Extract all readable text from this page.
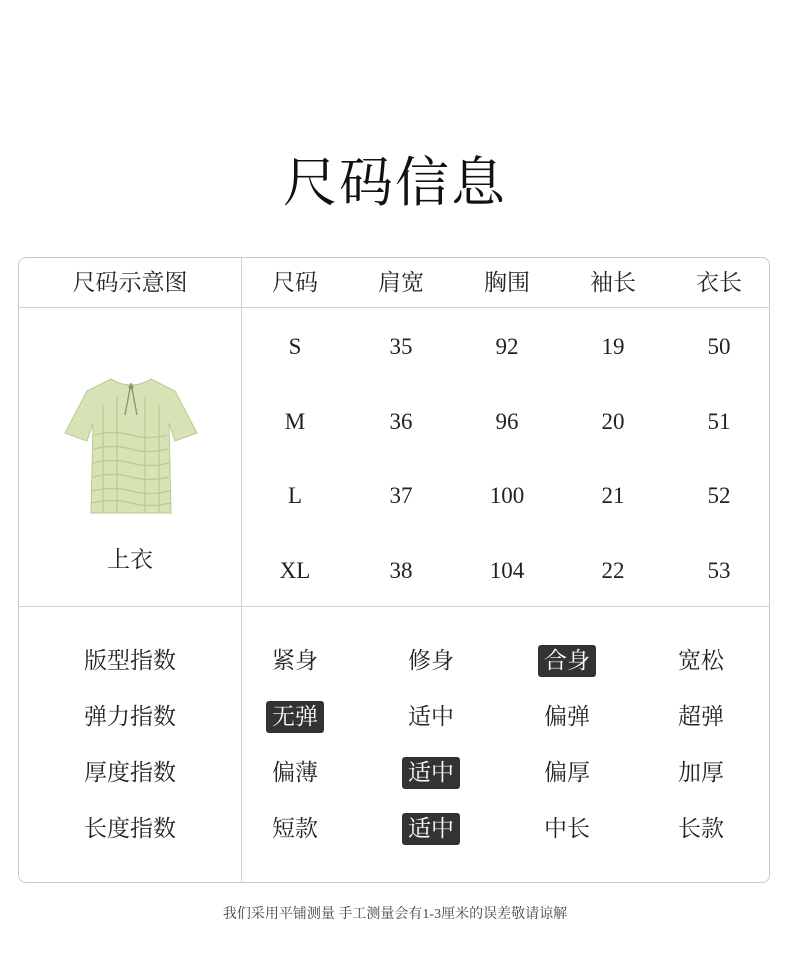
尺码信息
尺码示意图	尺码	肩宽	胸围	袖长	衣长
上衣
S	35	92	19	50
M	36	96	20	51
L	37	100	21	52
XL	38	104	22	53
版型指数	紧身	修身	合身	宽松
弹力指数	无弹	适中	偏弹	超弹
厚度指数	偏薄	适中	偏厚	加厚
长度指数	短款	适中	中长	长款
我们采用平铺测量 手工测量会有1-3厘米的误差敬请谅解
